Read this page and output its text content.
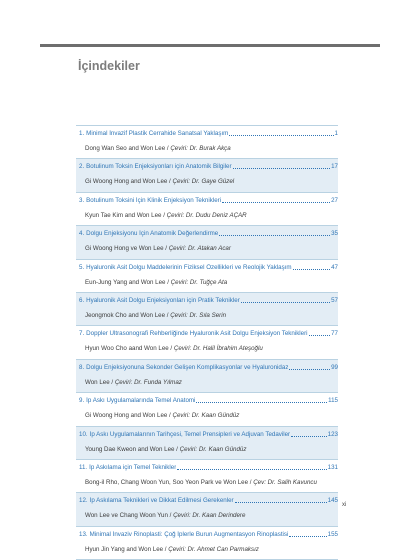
İçindekiler
1. Minimal İnvazif Plastik Cerrahide Sanatsal Yaklaşım	1
Dong Wan Seo and Won Lee / Çeviri: Dr. Burak Akça
2. Botulinum Toksin Enjeksiyonları için Anatomik Bilgiler	17
Gi Woong Hong and Won Lee / Çeviri: Dr. Gaye Güzel
3. Botulinum Toksini İçin Klinik Enjeksiyon Teknikleri	27
Kyun Tae Kim and Won Lee / Çeviri: Dr. Dudu Deniz AÇAR
4. Dolgu Enjeksiyonu İçin Anatomik Değerlendirme	35
Gi Woong Hong ve Won Lee / Çeviri: Dr. Atakan Acar
5. Hyaluronik Asit Dolgu Maddelerinin Fiziksel Özellikleri ve Reolojik Yaklaşım	47
Eun-Jung Yang and Won Lee / Çeviri: Dr. Tuğçe Ata
6. Hyaluronik Asit Dolgu Enjeksiyonları için Pratik Teknikler	57
Jeongmok Cho and Won Lee / Çeviri: Dr. Sıla Serin
7. Doppler Ultrasonografi Rehberliğinde Hyaluronik Asit Dolgu Enjeksiyon Teknikleri	77
Hyun Woo Cho aand Won Lee / Çeviri: Dr. Halil İbrahim Ateşoğlu
8. Dolgu Enjeksiyonuna Sekonder Gelişen Komplikasyonlar ve Hyaluronidaz	99
Won Lee / Çeviri: Dr. Funda Yılmaz
9. İp Askı Uygulamalarında Temel Anatomi	115
Gi Woong Hong and Won Lee / Çeviri: Dr. Kaan Gündüz
10. İp Askı Uygulamalarının Tarihçesi, Temel Prensipleri ve Adjuvan Tedaviler	123
Young Dae Kweon and Won Lee / Çeviri: Dr. Kaan Gündüz
11. İp Askılama için Temel Teknikler	131
Bong-il Rho, Chang Woon Yun, Soo Yeon Park ve Won Lee / Çev: Dr. Salih Kavuncu
12. İp Askılama Teknikleri ve Dikkat Edilmesi Gerekenler	145
Won Lee ve Chang Woon Yun / Çeviri: Dr. Kaan Derindere
13. Minimal İnvaziv Rinoplasti: Çoğ İplerle Burun Augmentasyon Rinoplastisi	155
Hyun Jin Yang and Won Lee / Çeviri: Dr. Ahmet Can Parmaksız
xi
